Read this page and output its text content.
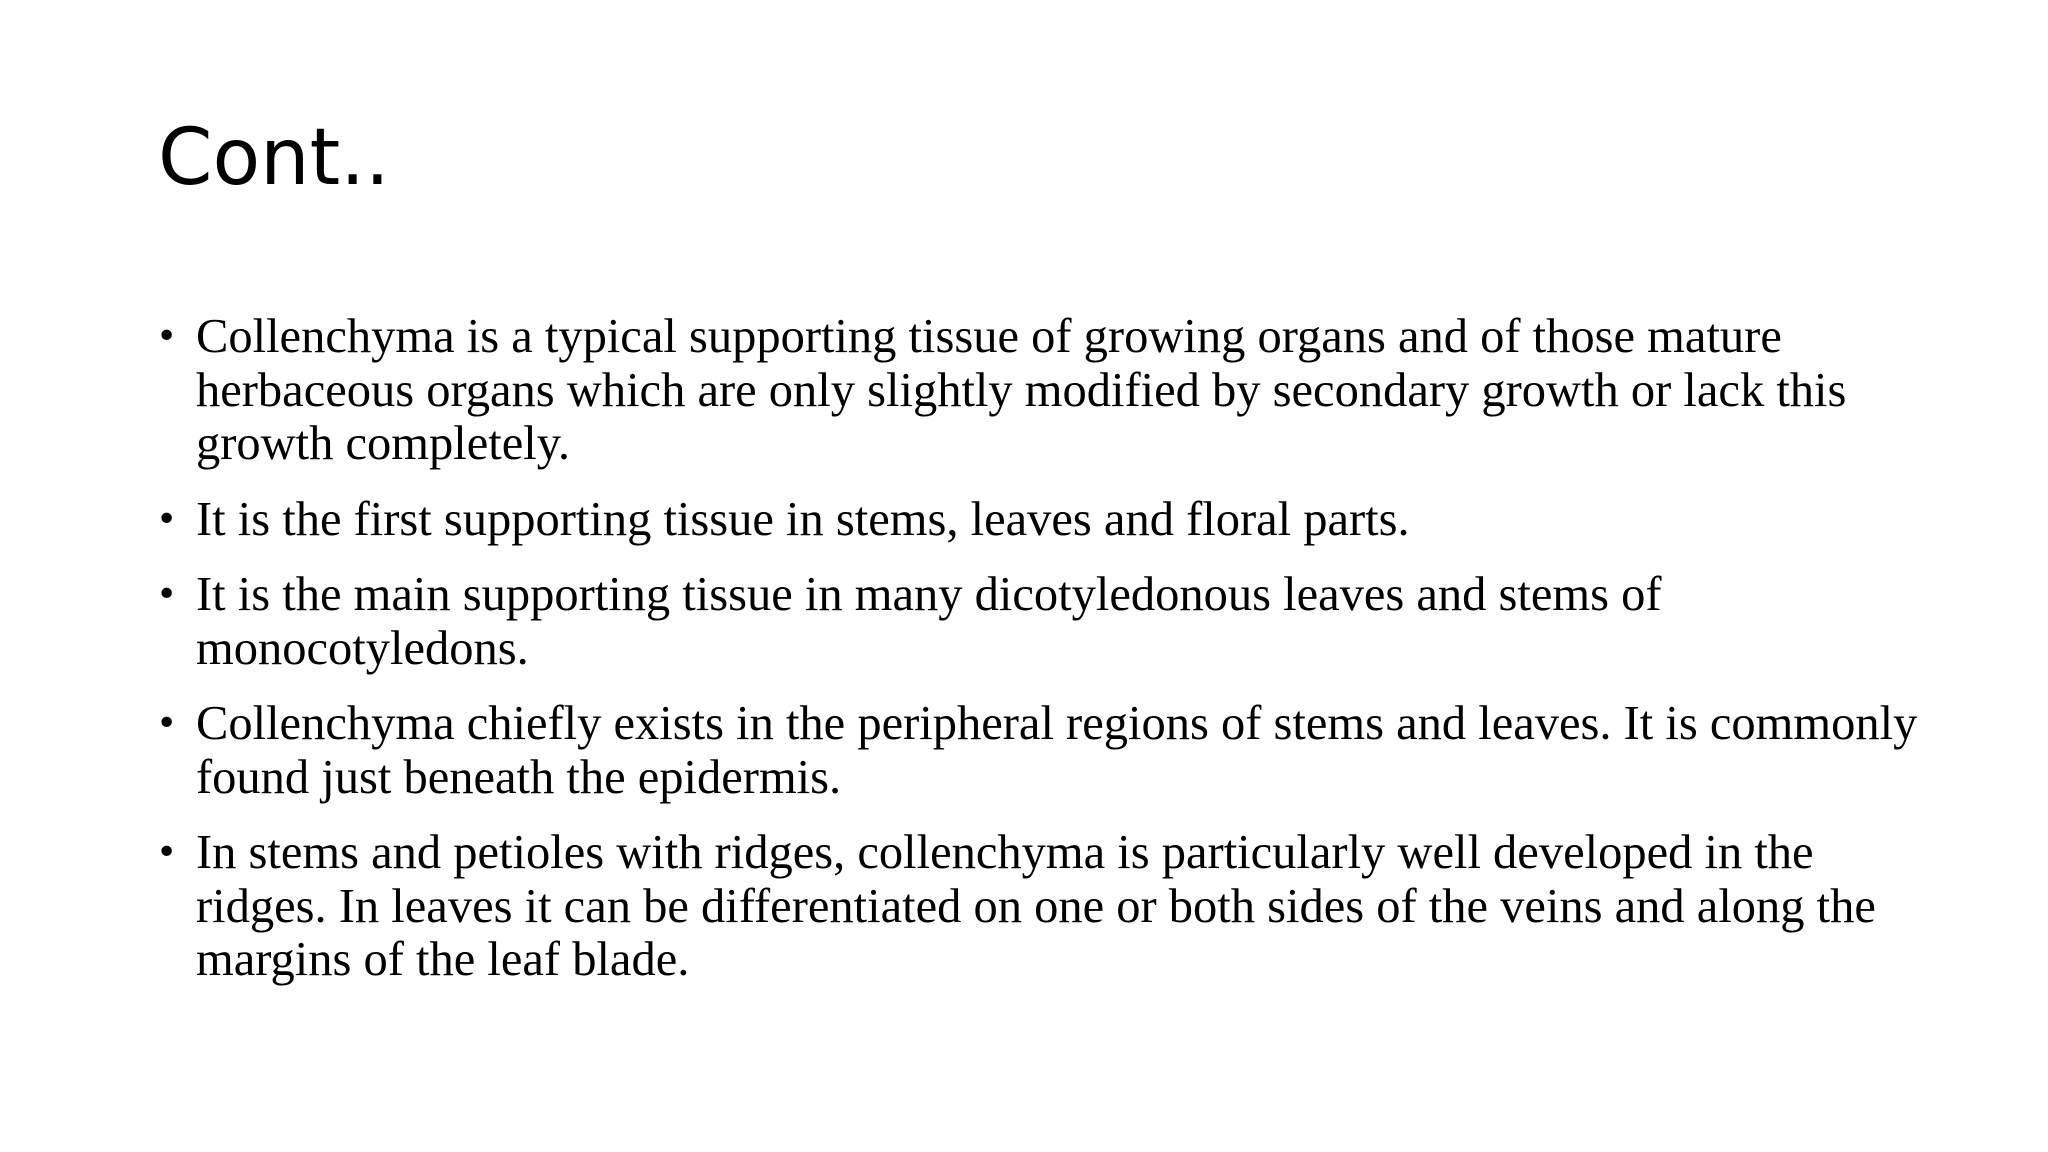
Cont..
• Collenchyma is a typical supporting tissue of growing organs and of those mature herbaceous organs which are only slightly modified by secondary growth or lack this growth completely.
• It is the first supporting tissue in stems, leaves and floral parts.
• It is the main supporting tissue in many dicotyledonous leaves and stems of monocotyledons.
• Collenchyma chiefly exists in the peripheral regions of stems and leaves. It is commonly found just beneath the epidermis.
• In stems and petioles with ridges, collenchyma is particularly well developed in the ridges. In leaves it can be differentiated on one or both sides of the veins and along the margins of the leaf blade.
